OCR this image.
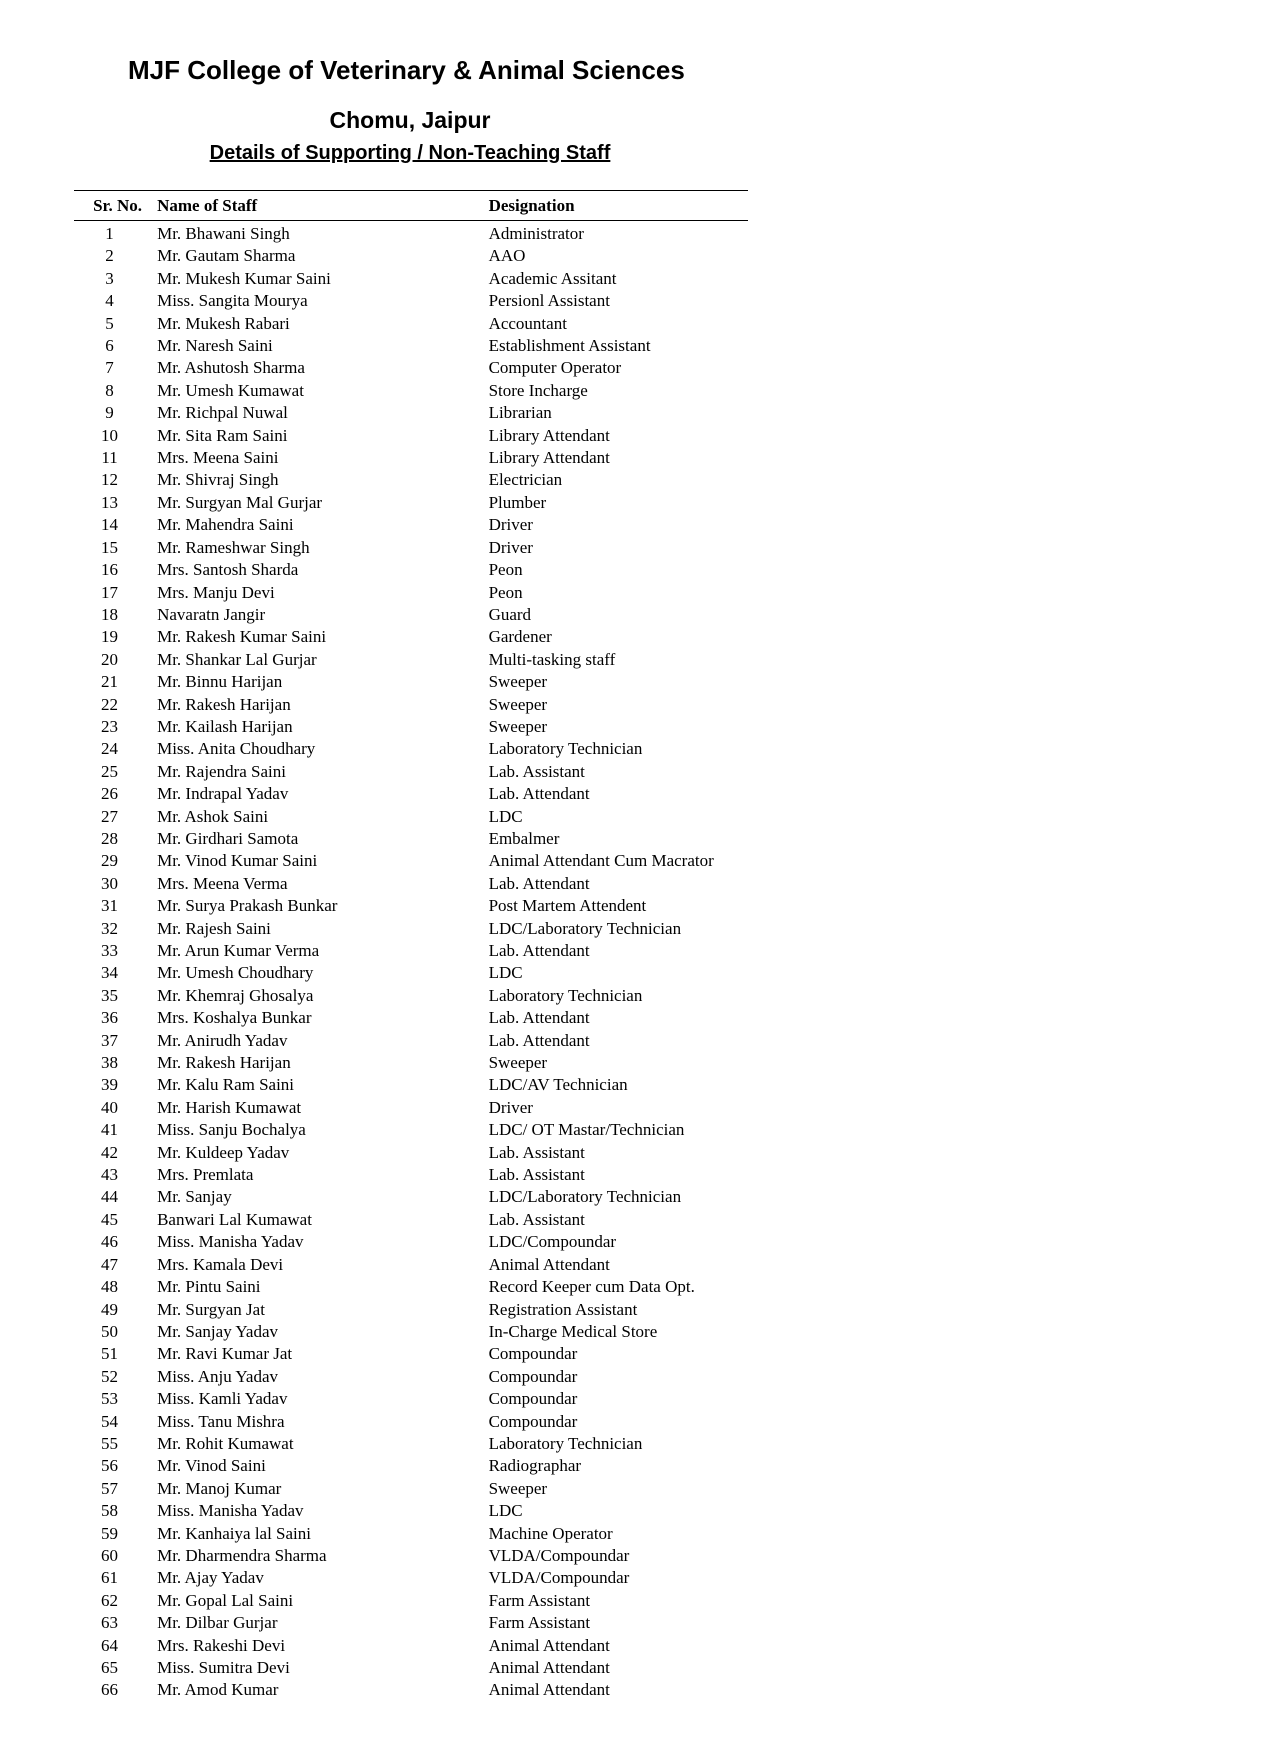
MJF College of Veterinary & Animal Sciences
Chomu, Jaipur
Details of Supporting / Non-Teaching Staff
Sr. No.	Name of Staff	Designation
1	Mr. Bhawani Singh	Administrator
2	Mr. Gautam Sharma	AAO
3	Mr. Mukesh Kumar Saini	Academic Assitant
4	Miss. Sangita Mourya	Persionl Assistant
5	Mr. Mukesh Rabari	Accountant
6	Mr. Naresh Saini	Establishment Assistant
7	Mr. Ashutosh Sharma	Computer Operator
8	Mr. Umesh Kumawat	Store Incharge
9	Mr. Richpal Nuwal	Librarian
10	Mr. Sita Ram Saini	Library Attendant
11	Mrs. Meena Saini	Library Attendant
12	Mr. Shivraj Singh	Electrician
13	Mr. Surgyan Mal Gurjar	Plumber
14	Mr. Mahendra Saini	Driver
15	Mr. Rameshwar Singh	Driver
16	Mrs. Santosh Sharda	Peon
17	Mrs. Manju Devi	Peon
18	Navaratn Jangir	Guard
19	Mr. Rakesh Kumar Saini	Gardener
20	Mr. Shankar Lal Gurjar	Multi-tasking staff
21	Mr. Binnu Harijan	Sweeper
22	Mr. Rakesh Harijan	Sweeper
23	Mr. Kailash Harijan	Sweeper
24	Miss. Anita Choudhary	Laboratory Technician
25	Mr. Rajendra Saini	Lab. Assistant
26	Mr. Indrapal Yadav	Lab. Attendant
27	Mr. Ashok Saini	LDC
28	Mr. Girdhari Samota	Embalmer
29	Mr. Vinod Kumar Saini	Animal Attendant Cum Macrator
30	Mrs. Meena Verma	Lab. Attendant
31	Mr. Surya Prakash Bunkar	Post Martem Attendent
32	Mr. Rajesh Saini	LDC/Laboratory Technician
33	Mr. Arun Kumar Verma	Lab. Attendant
34	Mr. Umesh Choudhary	LDC
35	Mr. Khemraj Ghosalya	Laboratory Technician
36	Mrs. Koshalya Bunkar	Lab. Attendant
37	Mr. Anirudh Yadav	Lab. Attendant
38	Mr. Rakesh Harijan	Sweeper
39	Mr. Kalu Ram Saini	LDC/AV Technician
40	Mr. Harish Kumawat	Driver
41	Miss. Sanju Bochalya	LDC/ OT Mastar/Technician
42	Mr. Kuldeep Yadav	Lab. Assistant
43	Mrs. Premlata	Lab. Assistant
44	Mr. Sanjay	LDC/Laboratory Technician
45	Banwari Lal Kumawat	Lab. Assistant
46	Miss. Manisha Yadav	LDC/Compoundar
47	Mrs. Kamala Devi	Animal Attendant
48	Mr. Pintu Saini	Record Keeper cum Data Opt.
49	Mr. Surgyan Jat	Registration Assistant
50	Mr. Sanjay Yadav	In-Charge Medical Store
51	Mr. Ravi Kumar Jat	Compoundar
52	Miss. Anju Yadav	Compoundar
53	Miss. Kamli Yadav	Compoundar
54	Miss. Tanu Mishra	Compoundar
55	Mr. Rohit Kumawat	Laboratory Technician
56	Mr. Vinod Saini	Radiographar
57	Mr. Manoj Kumar	Sweeper
58	Miss. Manisha Yadav	LDC
59	Mr. Kanhaiya lal Saini	Machine Operator
60	Mr. Dharmendra Sharma	VLDA/Compoundar
61	Mr. Ajay Yadav	VLDA/Compoundar
62	Mr. Gopal Lal Saini	Farm Assistant
63	Mr. Dilbar Gurjar	Farm Assistant
64	Mrs. Rakeshi Devi	Animal Attendant
65	Miss. Sumitra Devi	Animal Attendant
66	Mr. Amod Kumar	Animal Attendant
